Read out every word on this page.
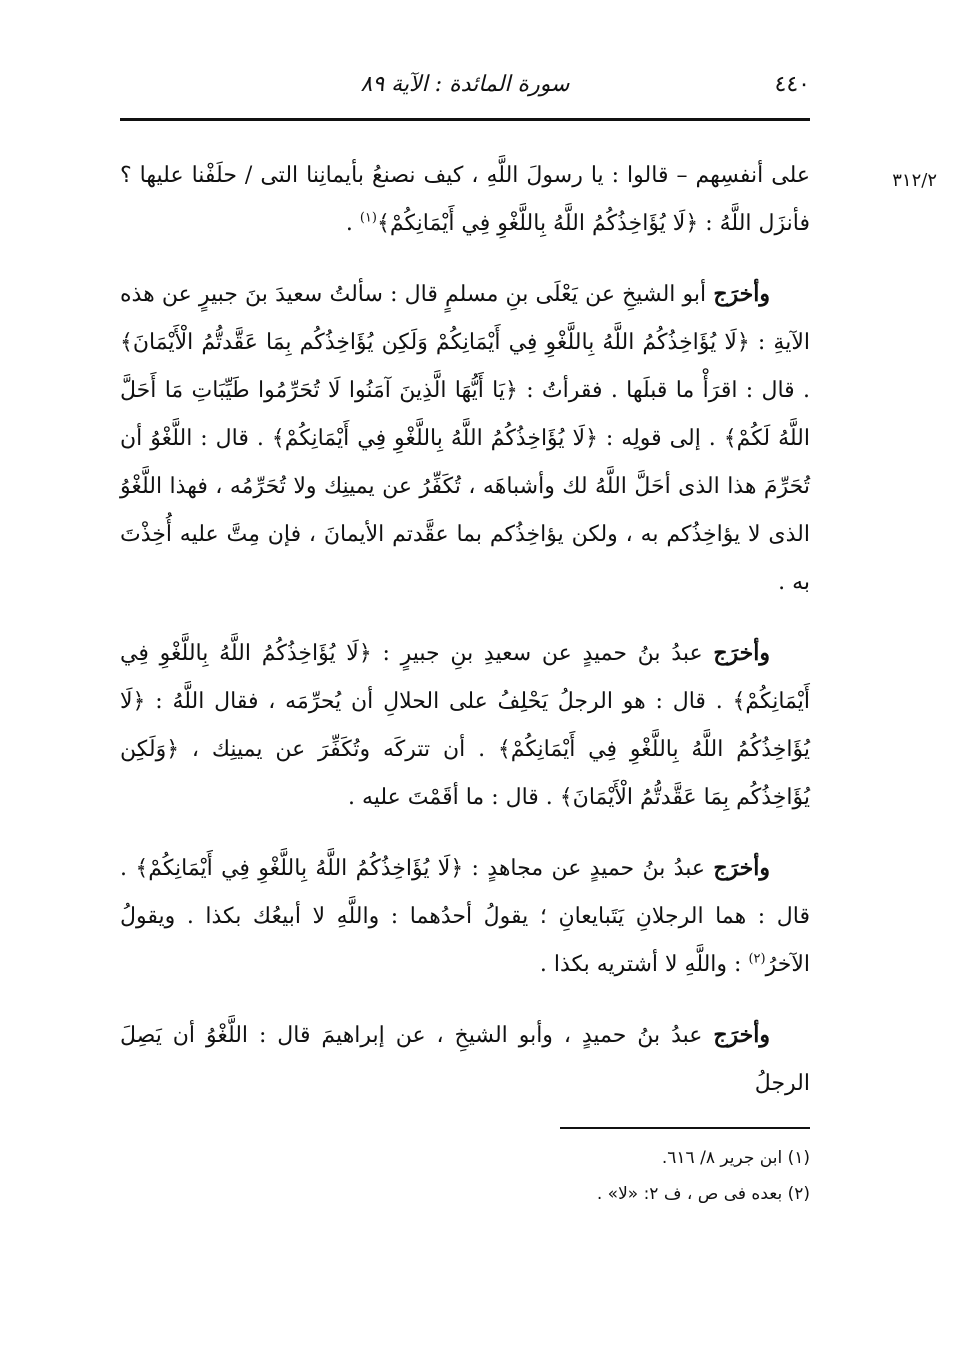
٤٤٠
سورة المائدة : الآية ٨٩
٣١٢/٢

على أنفسِهم – قالوا : يا رسولَ اللَّهِ ، كيف نصنعُ بأيمانِنا التى / حلَفْنا عليها ؟ فأنزَل اللَّهُ : ﴿لَا يُؤَاخِذُكُمُ اللَّهُ بِاللَّغْوِ فِي أَيْمَانِكُمْ﴾$^{(١)}$ .

وأخرَج أبو الشيخِ عن يَعْلَى بنِ مسلمٍ قال : سألتُ سعيدَ بنَ جبيرٍ عن هذه الآيةِ : ﴿لَا يُؤَاخِذُكُمُ اللَّهُ بِاللَّغْوِ فِي أَيْمَانِكُمْ وَلَكِن يُؤَاخِذُكُم بِمَا عَقَّدتُّمُ الْأَيْمَانَ﴾ . قال : اقرَأْ ما قبلَها . فقرأتُ : ﴿يَا أَيُّهَا الَّذِينَ آمَنُوا لَا تُحَرِّمُوا طَيِّبَاتِ مَا أَحَلَّ اللَّهُ لَكُمْ﴾ . إلى قولِه : ﴿لَا يُؤَاخِذُكُمُ اللَّهُ بِاللَّغْوِ فِي أَيْمَانِكُمْ﴾ . قال : اللَّغْوُ أن تُحَرِّمَ هذا الذى أحَلَّ اللَّهُ لك وأشباهَه ، تُكَفِّرُ عن يمينِك ولا تُحَرِّمُه ، فهذا اللَّغْوُ الذى لا يؤاخِذُكم به ، ولكن يؤاخِذُكم بما عقَّدتم الأيمانَ ، فإن مِتَّ عليه أُخِذْتَ به .

وأخرَج عبدُ بنُ حميدٍ عن سعيدِ بنِ جبيرٍ : ﴿لَا يُؤَاخِذُكُمُ اللَّهُ بِاللَّغْوِ فِي أَيْمَانِكُمْ﴾ . قال : هو الرجلُ يَحْلِفُ على الحلالِ أن يُحرِّمَه ، فقال اللَّهُ : ﴿لَا يُؤَاخِذُكُمُ اللَّهُ بِاللَّغْوِ فِي أَيْمَانِكُمْ﴾ . أن تتركَه وتُكَفِّرَ عن يمينِك ، ﴿وَلَكِن يُؤَاخِذُكُم بِمَا عَقَّدتُّمُ الْأَيْمَانَ﴾ . قال : ما أقَمْتَ عليه .

وأخرَج عبدُ بنُ حميدٍ عن مجاهدٍ : ﴿لَا يُؤَاخِذُكُمُ اللَّهُ بِاللَّغْوِ فِي أَيْمَانِكُمْ﴾ . قال : هما الرجلانِ يَتَبايعانِ ؛ يقولُ أحدُهما : واللَّهِ لا أبيعُك بكذا . ويقولُ الآخرُ$^{(٢)}$ : واللَّهِ لا أشتريه بكذا .

وأخرَج عبدُ بنُ حميدٍ ، وأبو الشيخِ ، عن إبراهيمَ قال : اللَّغْوُ أن يَصِلَ الرجلُ

(١) ابن جرير ٨/ ٦١٦.

(٢) بعده فى ص ، ف ٢: «لا» .
